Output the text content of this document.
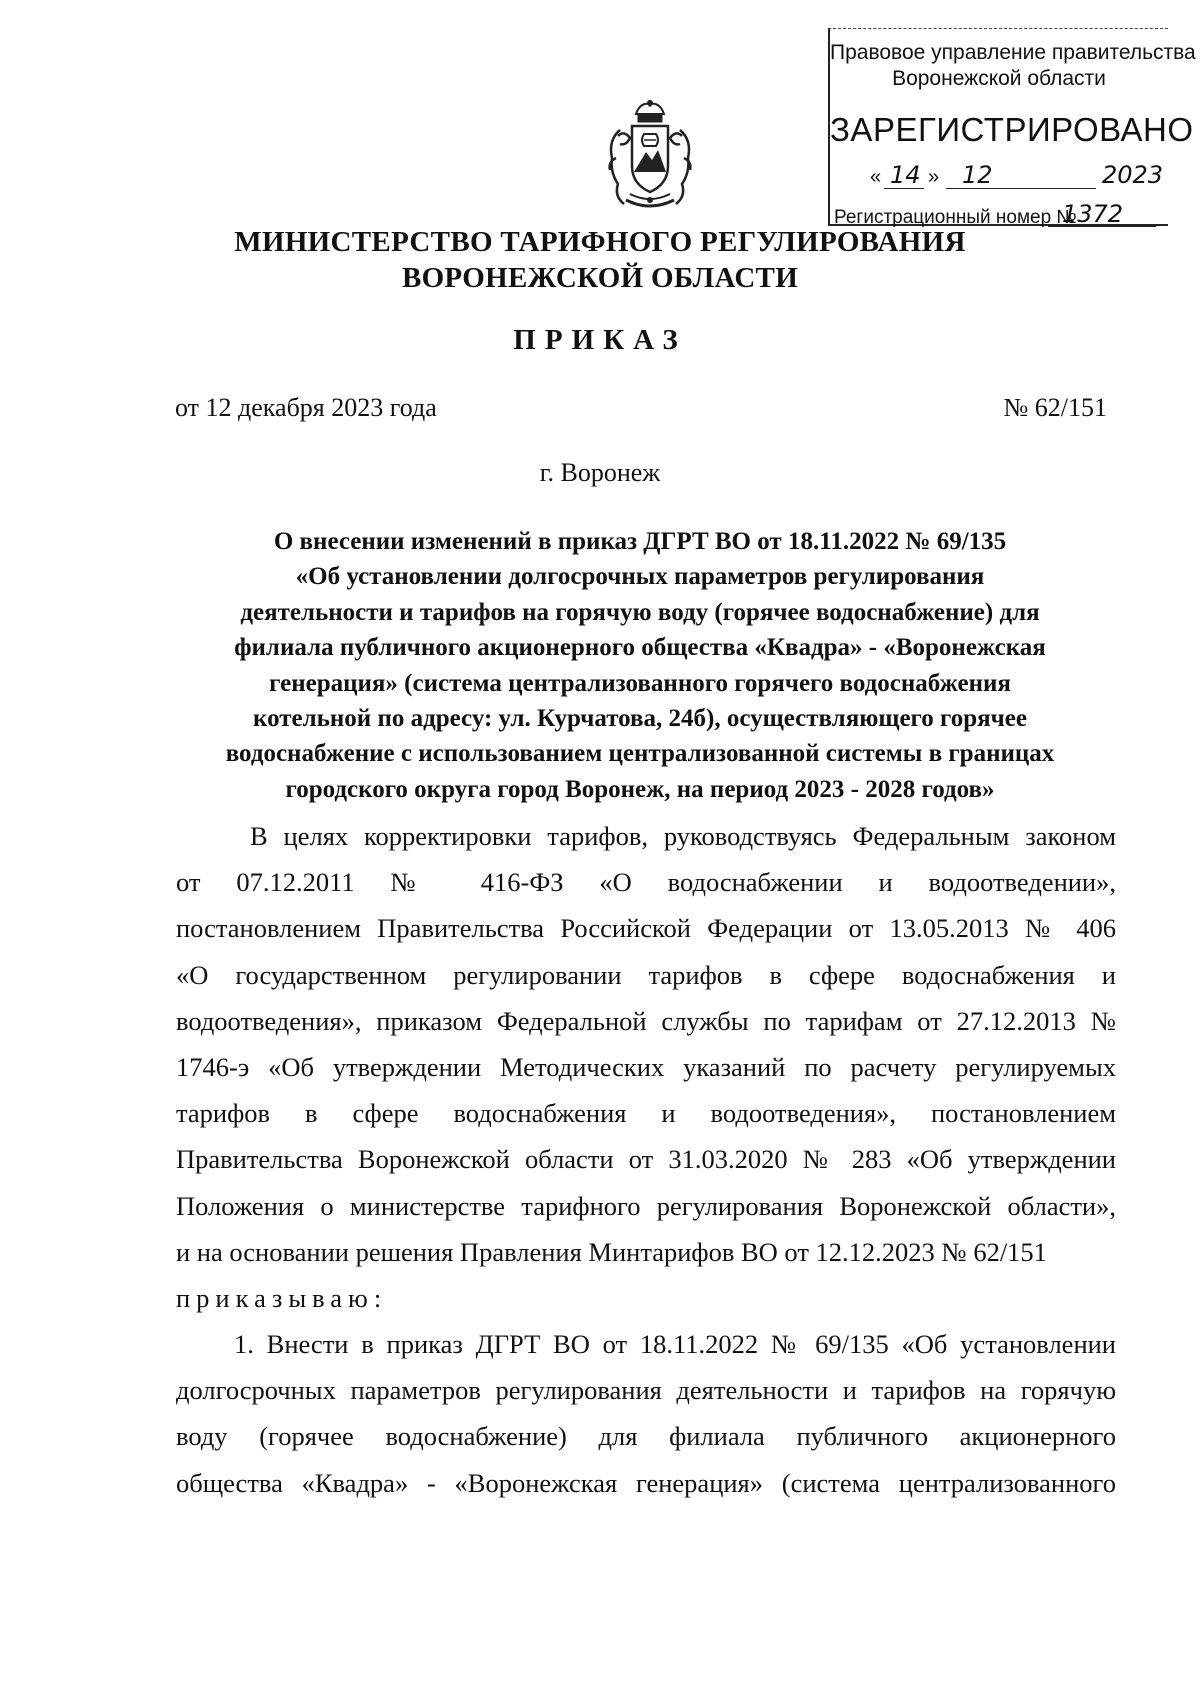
Правовое управление правительства
Воронежской области
ЗАРЕГИСТРИРОВАНО
« 14 » 12	2023
Регистрационный номер №
1372
МИНИСТЕРСТВО ТАРИФНОГО РЕГУЛИРОВАНИЯ
ВОРОНЕЖСКОЙ ОБЛАСТИ
ПРИКАЗ
от 12 декабря 2023 года	№ 62/151
г. Воронеж
О внесении изменений в приказ ДГРТ ВО от 18.11.2022 № 69/135
«Об установлении долгосрочных параметров регулирования
деятельности и тарифов на горячую воду (горячее водоснабжение) для
филиала публичного акционерного общества «Квадра» - «Воронежская
генерация» (система централизованного горячего водоснабжения
котельной по адресу: ул. Курчатова, 24б), осуществляющего горячее
водоснабжение с использованием централизованной системы в границах
городского округа город Воронеж, на период 2023 - 2028 годов»
В целях корректировки тарифов, руководствуясь Федеральным законом
от 07.12.2011 № 416-ФЗ «О водоснабжении и водоотведении»,
постановлением Правительства Российской Федерации от 13.05.2013 № 406
«О государственном регулировании тарифов в сфере водоснабжения и
водоотведения», приказом Федеральной службы по тарифам от 27.12.2013 №
1746-э «Об утверждении Методических указаний по расчету регулируемых
тарифов в сфере водоснабжения и водоотведения», постановлением
Правительства Воронежской области от 31.03.2020 № 283 «Об утверждении
Положения о министерстве тарифного регулирования Воронежской области»,
и на основании решения Правления Минтарифов ВО от 12.12.2023 № 62/151
приказываю:
1. Внести в приказ ДГРТ ВО от 18.11.2022 № 69/135 «Об установлении
долгосрочных параметров регулирования деятельности и тарифов на горячую
воду (горячее водоснабжение) для филиала публичного акционерного
общества «Квадра» - «Воронежская генерация» (система централизованного
